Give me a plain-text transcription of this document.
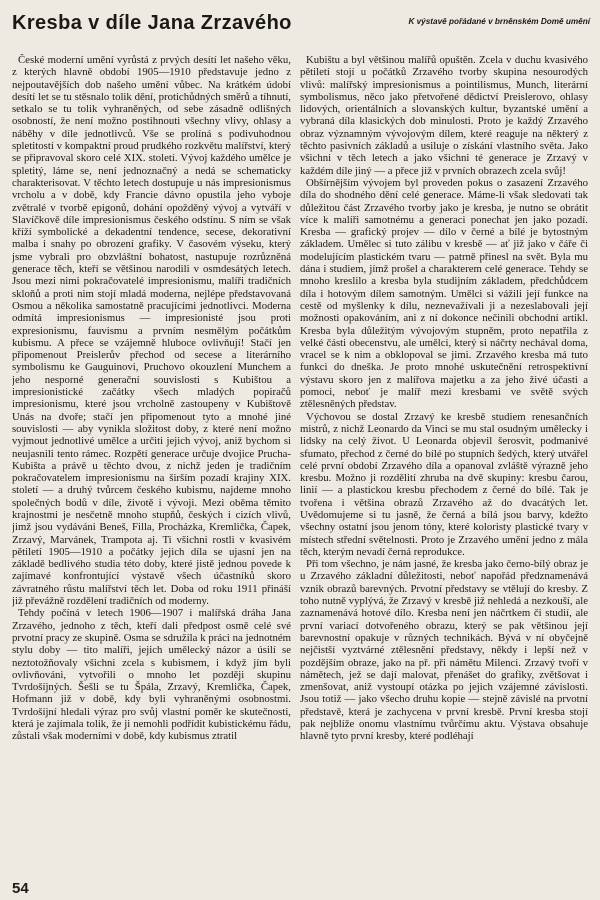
Kresba v díle Jana Zrzavého	K výstavě pořádané v brněnském Domě umění

České moderní umění vyrůstá z prvých desítí let našeho věku, z kterých hlavně období 1905—1910 představuje jedno z nejpoutavějších dob našeho umění vůbec. Na krátkém údobí desítí let se tu stěsnalo tolik dění, protichůdných směrů a tíhnutí, setkalo se tu tolik vyhraněných, od sebe zásadně odlišných osobností, že není možno postihnouti všechny vlivy, ohlasy a náběhy v díle jednotlivců. Vše se prolíná s podivuhodnou spletitostí v kompaktní proud prudkého rozkvětu malířství, který se připravoval skoro celé XIX. století. Vývoj každého umělce je spletitý, láme se, není jednoznačný a nedá se schematicky charakterisovat. V těchto letech dostupuje u nás impresionismus vrcholu a v době, kdy Francie dávno opustila jeho vyboje zvětralé v tvorbě epigonů, dohání opožděný vývoj a vytváří v Slavíčkově díle impresionismus českého odstínu. S ním se však kříží symbolické a dekadentní tendence, secese, dekorativní malba i snahy po obrození grafiky. V časovém výseku, který jsme vybrali pro obzvláštní bohatost, nastupuje rozrůzněná generace těch, kteří se většinou narodili v osmdesátých letech. Jsou mezi nimi pokračovatelé impresionismu, malíři tradičních skloňů a proti nim stojí mladá moderna, nejlépe představovaná Osmou a několika samostatně pracujícími jednotlivci. Moderna odmítá impresionismus — impresionisté jsou proti expresionismu, fauvismu a prvním nesmělým počátkům kubismu. A přece se vzájemně hluboce ovlivňují! Stačí jen připomenout Preislerův přechod od secese a literárního symbolismu ke Gauguinovi, Pruchovo okouzlení Munchem a jeho nesporné generační souvislosti s Kubištou a impresionistické začátky všech mladých popiračů impresionismu, které jsou vrcholně zastoupeny v Kubištově Unás na dvoře; stačí jen připomenout tyto a mnohé jiné souvislosti — aby vynikla složitost doby, z které není možno vyjmout jednotlivé umělce a určiti jejich vývoj, aniž bychom si neujasnili tento rámec. Rozpětí generace určuje dvojice Prucha-Kubišta a právě u těchto dvou, z nichž jeden je tradičním pokračovatelem impresionismu na širším pozadí krajiny XIX. století — a druhý tvůrcem českého kubismu, najdeme mnoho společných bodů v díle, životě i vývoji. Mezi oběma těmito krajnostmi je nesčetně mnoho stupňů, českých i cizích vlivů, jimž jsou vydáváni Beneš, Filla, Procházka, Kremlička, Čapek, Zrzavý, Marvánek, Trampota aj. Ti všichni rostli v kvasivém pětiletí 1905—1910 a počátky jejich díla se ujasní jen na základě bedlivého studia této doby, které jistě jednou povede k zajímavé konfrontující výstavě všech účastníků skoro závratného růstu malířství těch let. Doba od roku 1911 přináší již převážně rozdělení tradičních od moderny.

Tehdy počíná v letech 1906—1907 i malířská dráha Jana Zrzavého, jednoho z těch, kteří dali předpost osmě celé své prvotní pracy ze skupině. Osma se sdružila k práci na jednotném stylu doby — tito malíři, jejich umělecký názor a úsilí se neztotožňovaly všichni zcela s kubismem, i když jím byli ovlivňováni, vytvořili o mnoho let později skupinu Tvrdošíjných. Šešli se tu Špála, Zrzavý, Kremlička, Čapek, Hofmann již v době, kdy byli vyhraněnými osobnostmi. Tvrdošíjní hledali výraz pro svůj vlastní poměr ke skutečnosti, která je zajímala tolik, že ji nemohli podřídit kubistickému řádu, zůstali však moderními v době, kdy kubismus ztratil

Kubištu a byl většinou malířů opuštěn. Zcela v duchu kvasivého pětiletí stojí u počátků Zrzavého tvorby skupina nesourodých vlivů: malířský impresionismus a pointilismus, Munch, literární symbolismus, něco jako přetvořené dědictví Preislerovo, ohlasy lidových, orientálních a slovanských kultur, byzantské umění a vybraná díla klasických dob minulosti. Proto je každý Zrzavého obraz významným vývojovým dílem, které reaguje na některý z těchto pasivních základů a usiluje o získání vlastního světa. Jako všichni v těch letech a jako všichni té generace je Zrzavý v každém díle jiný — a přece již v prvních obrazech zcela svůj!

Obšírnějším vývojem byl proveden pokus o zasazení Zrzavého díla do shodného dění celé generace. Máme-li však sledovati tak důležitou část Zrzavého tvorby jako je kresba, je nutno se obrátit více k malíři samotnému a generaci ponechat jen jako pozadí. Kresba — grafický projev — dílo v černé a bílé je bytostným základem. Umělec si tuto zálibu v kresbě — ať již jako v čáře či modelujícím plastickém tvaru — patrně přinesl na svět. Byla mu dána i studiem, jímž prošel a charakterem celé generace. Tehdy se mnoho kreslilo a kresba byla studijním základem, předchůdcem díla i hotovým dílem samotným. Umělci si vážili její funkce na cestě od myšlenky k dílu, neznevažívali ji a nezeslabovali její možnosti opakováním, ani z ní dokonce nečinili obchodní artikl. Kresba byla důležitým vývojovým stupněm, proto nepatřila z velké části obecenstvu, ale umělci, který si náčrty nechával doma, vracel se k nim a obklopoval se jimi. Zrzavého kresba má tuto funkci do dneška. Je proto mnohé uskutečnění retrospektivní výstavu skoro jen z malířova majetku a za jeho živé účasti a pomoci, neboť je malíř mezi kresbami ve světě svých ztělesněných představ.

Výchovou se dostal Zrzavý ke kresbě studiem renesančních mistrů, z nichž Leonardo da Vinci se mu stal osudným umělecky i lidsky na celý život. U Leonarda objevil šerosvit, podmanivé sfumato, přechod z černé do bílé po stupních šedých, který utvářel celé první období Zrzavého díla a opanoval zvláště výrazně jeho kresbu. Možno ji rozdělití zhruba na dvě skupiny: kresbu čarou, linií — a plastickou kresbu přechodem z černé do bílé. Tak je tvořena i většina obrazů Zrzavého až do dvacátých let. Uvědomujeme si tu jasně, že černá a bílá jsou barvy, kdežto všechny ostatní jsou jenom tóny, které koloristy plastické tvary v místech střední světelnosti. Proto je Zrzavého umění jedno z mála těch, kterým nevadí černá reprodukce.

Při tom všechno, je nám jasné, že kresba jako černo-bílý obraz je u Zrzavého základní důležitosti, neboť napořád předznamenává vznik obrazů barevných. Prvotní představy se vtělují do kresby. Z toho nutně vyplývá, že Zrzavý v kresbě již nehledá a nezkouší, ale zaznamenává hotové dílo. Kresba není jen náčrtkem či studií, ale první variací dotvořeného obrazu, který se pak většinou její barevnostní opakuje v různých technikách. Bývá v ní obyčejně nejčistší vyztvárné ztělesnění představy, někdy i lepší než v pozdějším obraze, jako na př. při námětu Milenci. Zrzavý tvoří v námětech, jež se dají malovat, přenášet do grafiky, zvětšovat i zmenšovat, aniž vystoupí otázka po jejich vzájemné závislosti. Jsou totiž — jako všecho druhu kopie — stejně závislé na prvotní představě, která je zachycena v první kresbě. První kresba stojí pak nejblíže onomu vlastnímu tvůrčímu aktu. Výstava obsahuje hlavně tyto první kresby, které podléhají

54
